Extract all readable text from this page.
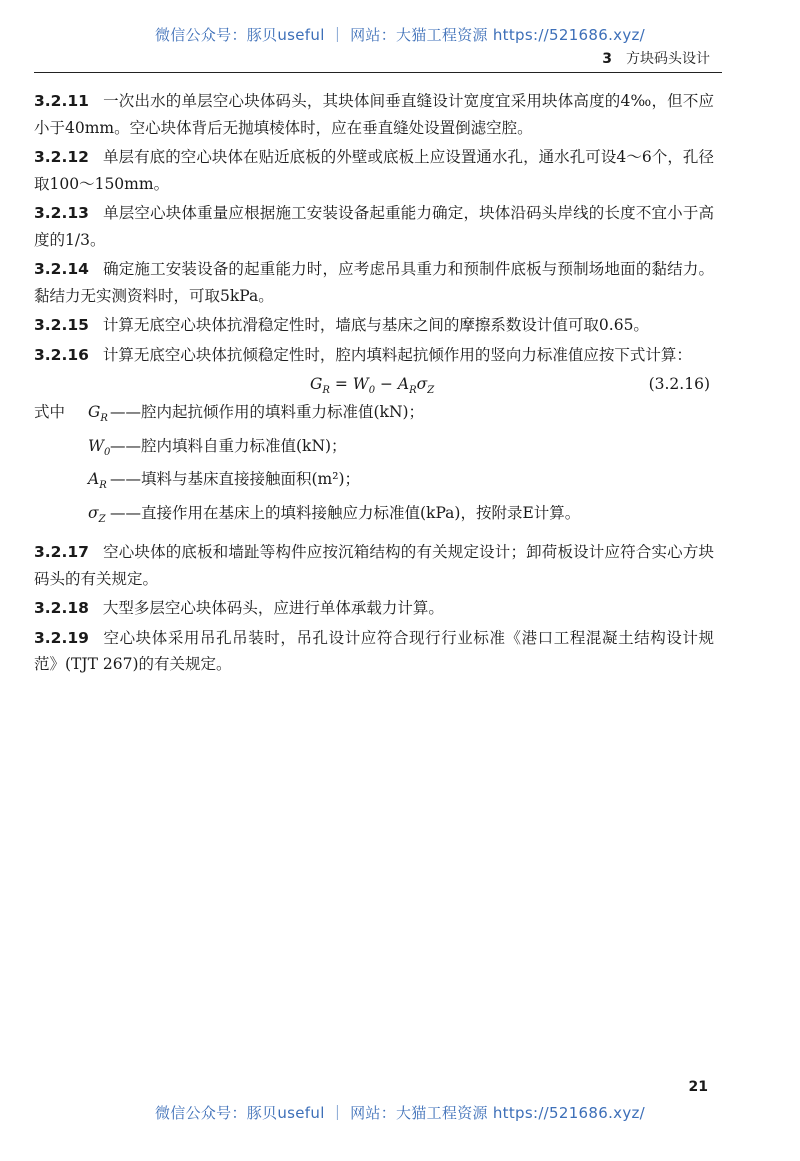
微信公众号：豚贝useful ｜ 网站：大猫工程资源 https://521686.xyz/
3 方块码头设计

3.2.11 一次出水的单层空心块体码头，其块体间垂直缝设计宽度宜采用块体高度的4‰，但不应小于40mm。空心块体背后无抛填棱体时，应在垂直缝处设置倒滤空腔。

3.2.12 单层有底的空心块体在贴近底板的外壁或底板上应设置通水孔，通水孔可设4～6个，孔径取100～150mm。

3.2.13 单层空心块体重量应根据施工安装设备起重能力确定，块体沿码头岸线的长度不宜小于高度的1/3。

3.2.14 确定施工安装设备的起重能力时，应考虑吊具重力和预制件底板与预制场地面的黏结力。黏结力无实测资料时，可取5kPa。

3.2.15 计算无底空心块体抗滑稳定性时，墙底与基床之间的摩擦系数设计值可取0.65。

3.2.16 计算无底空心块体抗倾稳定性时，腔内填料起抗倾作用的竖向力标准值应按下式计算：

$G_R = W_0 - A_R\sigma_Z$	(3.2.16)
式中	$G_R$ ——腔内起抗倾作用的填料重力标准值(kN)；
$W_0$ ——腔内填料自重力标准值(kN)；
$A_R$ ——填料与基床直接接触面积(m²)；
$\sigma_Z$ ——直接作用在基床上的填料接触应力标准值(kPa)，按附录E计算。

3.2.17 空心块体的底板和墙趾等构件应按沉箱结构的有关规定设计；卸荷板设计应符合实心方块码头的有关规定。

3.2.18 大型多层空心块体码头，应进行单体承载力计算。

3.2.19 空心块体采用吊孔吊装时，吊孔设计应符合现行行业标准《港口工程混凝土结构设计规范》(TJT 267)的有关规定。

21
微信公众号：豚贝useful ｜ 网站：大猫工程资源 https://521686.xyz/
